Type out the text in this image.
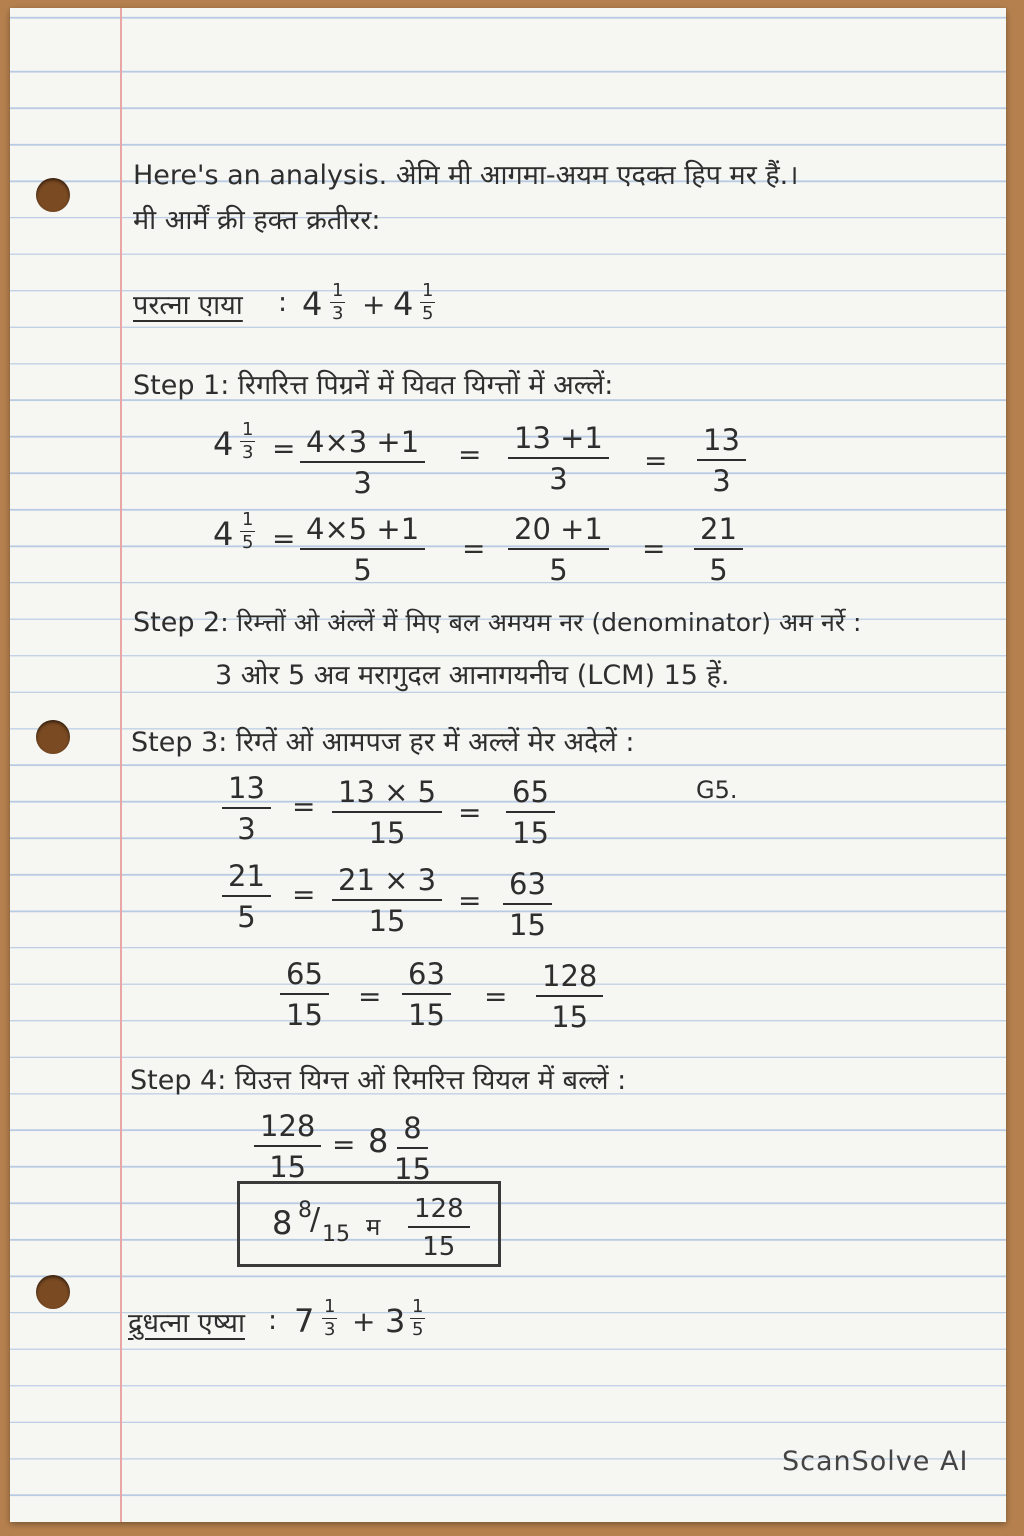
Here's an analysis. अेमि मी आगमा-अयम एदक्त हिप मर हैं.।
मी आर्में क्री हक्त क्रतीरर:
परत्ना एाया : $4 \frac{1}{3} + 4 \frac{1}{5}$
Step 1: रिगरित्त पिग्रनें में यिवत यिग्त्तों में अल्लें:
$4 \frac{1}{3} = \frac{4\times 3 +1}{3} = \frac{13 +1}{3} = \frac{13}{3}$
$4 \frac{1}{5} = \frac{4\times 5 +1}{5} = \frac{20 +1}{5} = \frac{21}{5}$
Step 2: रिम्त्तों ओ अंल्लें में मिए बल अमयम नर (denominator) अम नर्रे :
3 ओर 5 अव मरागुदल आनागयनीच (LCM) 15 हें.
Step 3: रिग्तें ओं आमपज हर में अल्लें मेर अदेलें :
$\frac{13}{3} = \frac{13 \times 5}{15} = \frac{65}{15}$	G5.
$\frac{21}{5} = \frac{21 \times 3}{15} = \frac{63}{15}$
$\frac{65}{15} = \frac{63}{15} = \frac{128}{15}$
Step 4: यिउत्त यिग्त्त ओं रिमरित्त यियल में बल्लें :
$\frac{128}{15} = 8 \frac{8}{15}$
8 8
/ 15 म $\frac{128}{15}$
द्रुधत्ना एष्या : $7 \frac{1}{3} + 3 \frac{1}{5}$
ScanSolve AI
